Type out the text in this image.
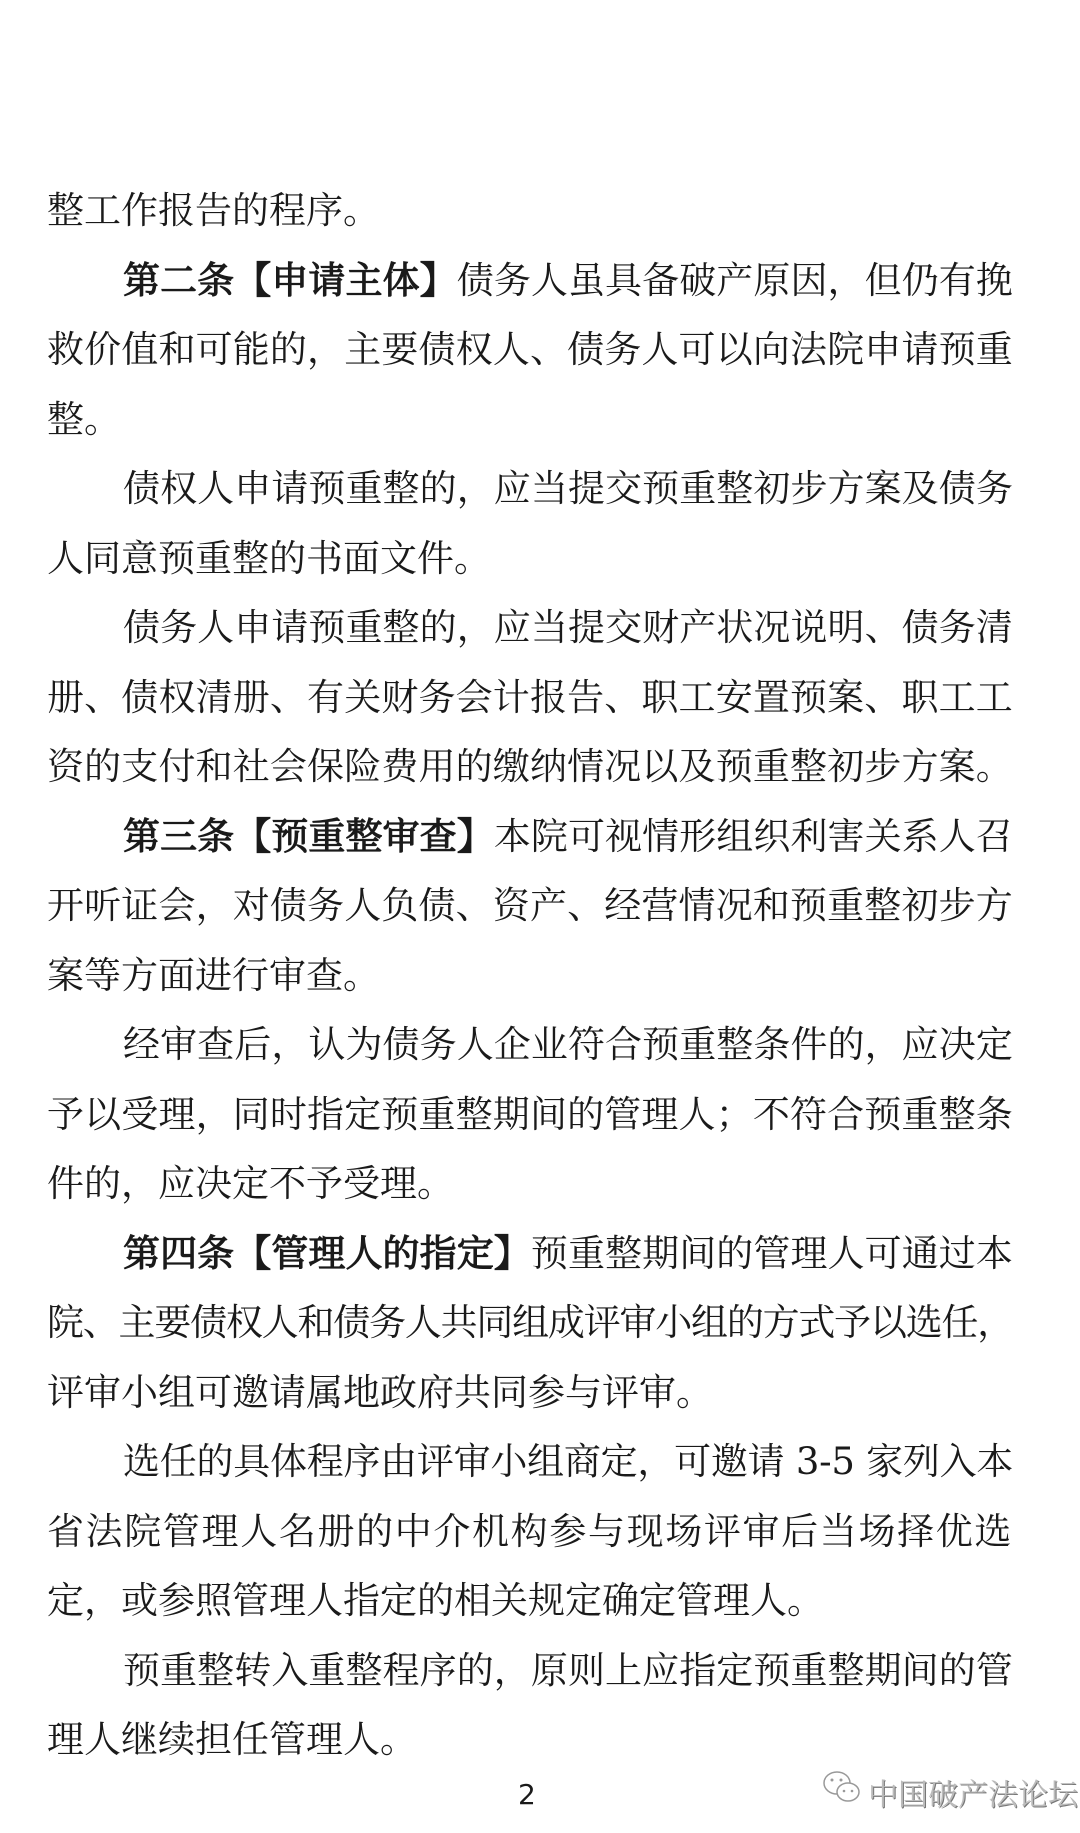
整工作报告的程序。
第二条【申请主体】债务人虽具备破产原因，但仍有挽
救价值和可能的，主要债权人、债务人可以向法院申请预重
整。
债权人申请预重整的，应当提交预重整初步方案及债务
人同意预重整的书面文件。
债务人申请预重整的，应当提交财产状况说明、债务清
册、债权清册、有关财务会计报告、职工安置预案、职工工
资的支付和社会保险费用的缴纳情况以及预重整初步方案。
第三条【预重整审查】本院可视情形组织利害关系人召
开听证会，对债务人负债、资产、经营情况和预重整初步方
案等方面进行审查。
经审查后，认为债务人企业符合预重整条件的，应决定
予以受理，同时指定预重整期间的管理人；不符合预重整条
件的，应决定不予受理。
第四条【管理人的指定】预重整期间的管理人可通过本
院、主要债权人和债务人共同组成评审小组的方式予以选任，
评审小组可邀请属地政府共同参与评审。
选任的具体程序由评审小组商定，可邀请 3-5 家列入本
省法院管理人名册的中介机构参与现场评审后当场择优选
定，或参照管理人指定的相关规定确定管理人。
预重整转入重整程序的，原则上应指定预重整期间的管
理人继续担任管理人。
2	中国破产法论坛
